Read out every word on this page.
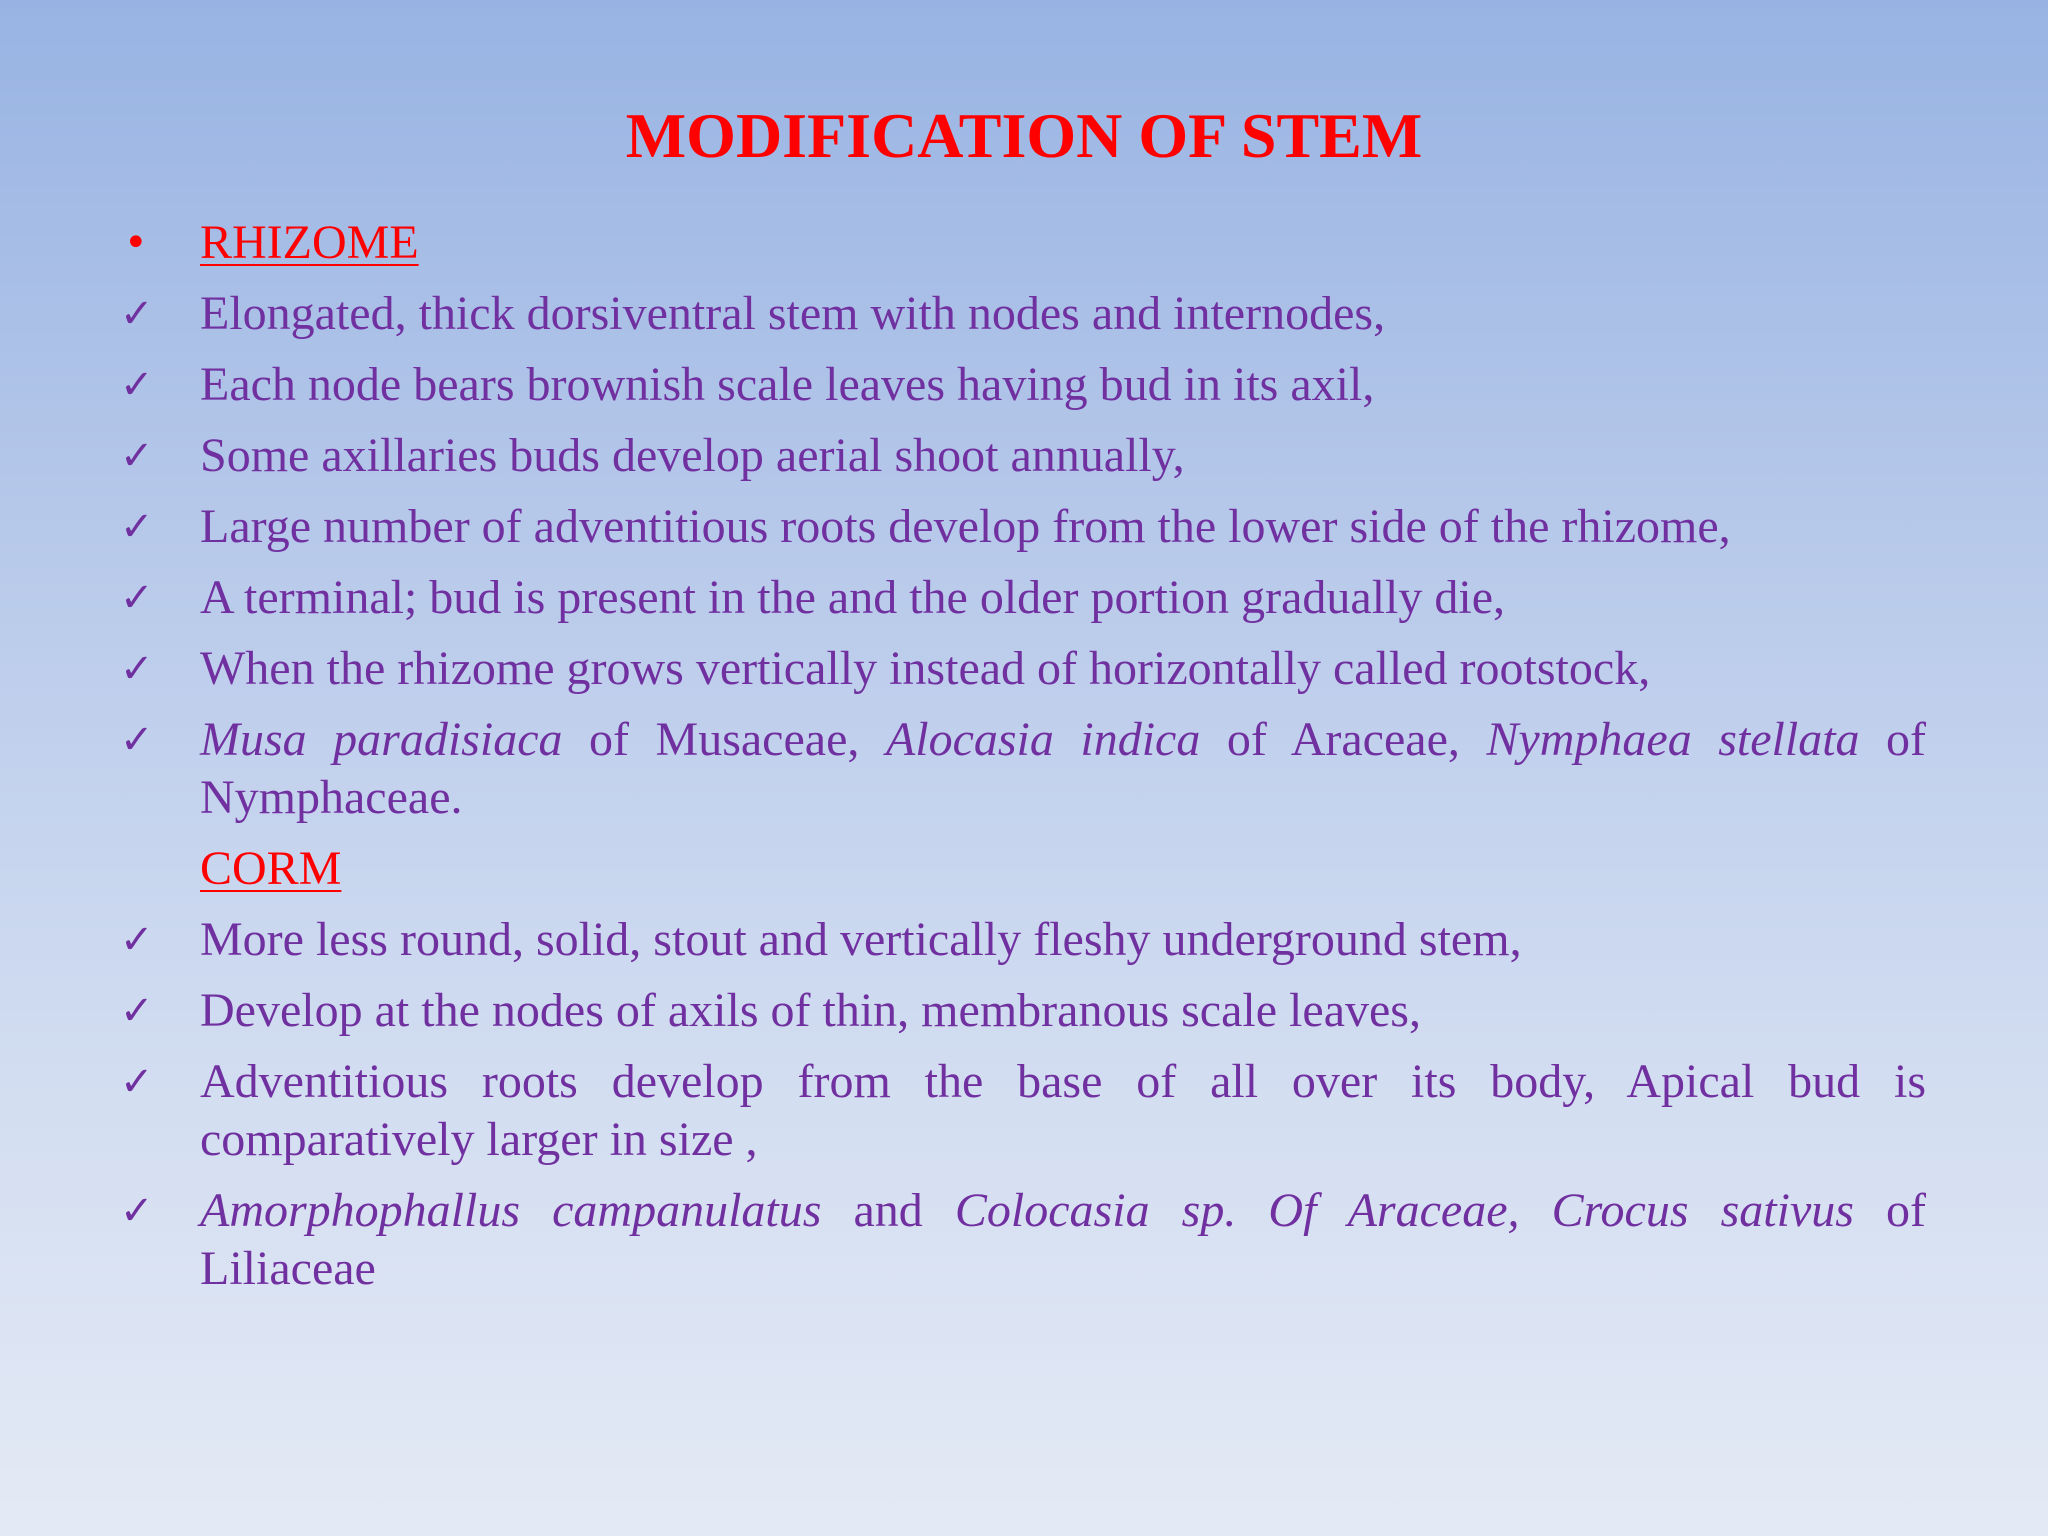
MODIFICATION OF STEM
•	RHIZOME
✓ Elongated, thick dorsiventral stem with nodes and internodes,
✓ Each node bears brownish scale leaves having bud in its axil,
✓ Some axillaries buds develop aerial shoot annually,
✓ Large number of adventitious roots develop from the lower side of the rhizome,
✓ A terminal; bud is present in the and the older portion gradually die,
✓ When the rhizome grows vertically instead of horizontally called rootstock,
✓ Musa paradisiaca of Musaceae, Alocasia indica of Araceae, Nymphaea stellata of Nymphaceae.
CORM
✓ More less round, solid, stout and vertically fleshy underground stem,
✓ Develop at the nodes of axils of thin, membranous scale leaves,
✓ Adventitious roots develop from the base of all over its body, Apical bud is comparatively larger in size ,
✓ Amorphophallus campanulatus and Colocasia sp. Of Araceae, Crocus sativus of Liliaceae
